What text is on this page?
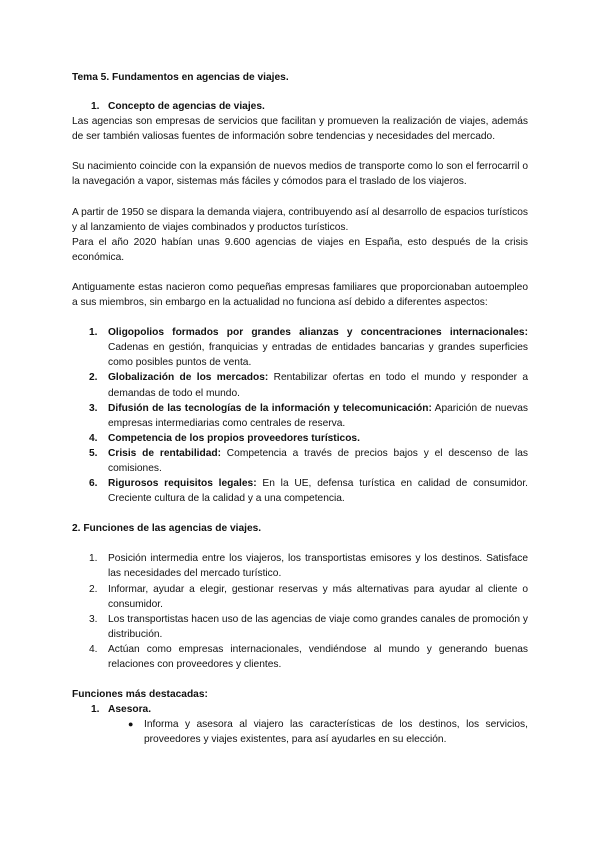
Tema 5. Fundamentos en agencias de viajes.
1. Concepto de agencias de viajes.

Las agencias son empresas de servicios que facilitan y promueven la realización de viajes, además de ser también valiosas fuentes de información sobre tendencias y necesidades del mercado.

Su nacimiento coincide con la expansión de nuevos medios de transporte como lo son el ferrocarril o la navegación a vapor, sistemas más fáciles y cómodos para el traslado de los viajeros.

A partir de 1950 se dispara la demanda viajera, contribuyendo así al desarrollo de espacios turísticos y al lanzamiento de viajes combinados y productos turísticos.

Para el año 2020 habían unas 9.600 agencias de viajes en España, esto después de la crisis económica.

Antiguamente estas nacieron como pequeñas empresas familiares que proporcionaban autoempleo a sus miembros, sin embargo en la actualidad no funciona así debido a diferentes aspectos:

1. Oligopolios formados por grandes alianzas y concentraciones internacionales: Cadenas en gestión, franquicias y entradas de entidades bancarias y grandes superficies como posibles puntos de venta.
2. Globalización de los mercados: Rentabilizar ofertas en todo el mundo y responder a demandas de todo el mundo.
3. Difusión de las tecnologías de la información y telecomunicación: Aparición de nuevas empresas intermediarias como centrales de reserva.
4. Competencia de los propios proveedores turísticos.
5. Crisis de rentabilidad: Competencia a través de precios bajos y el descenso de las comisiones.
6. Rigurosos requisitos legales: En la UE, defensa turística en calidad de consumidor. Creciente cultura de la calidad y a una competencia.
2. Funciones de las agencias de viajes.
1. Posición intermedia entre los viajeros, los transportistas emisores y los destinos. Satisface las necesidades del mercado turístico.
2. Informar, ayudar a elegir, gestionar reservas y más alternativas para ayudar al cliente o consumidor.
3. Los transportistas hacen uso de las agencias de viaje como grandes canales de promoción y distribución.
4. Actúan como empresas internacionales, vendiéndose al mundo y generando buenas relaciones con proveedores y clientes.
Funciones más destacadas:
1. Asesora.
● Informa y asesora al viajero las características de los destinos, los servicios, proveedores y viajes existentes, para así ayudarles en su elección.
